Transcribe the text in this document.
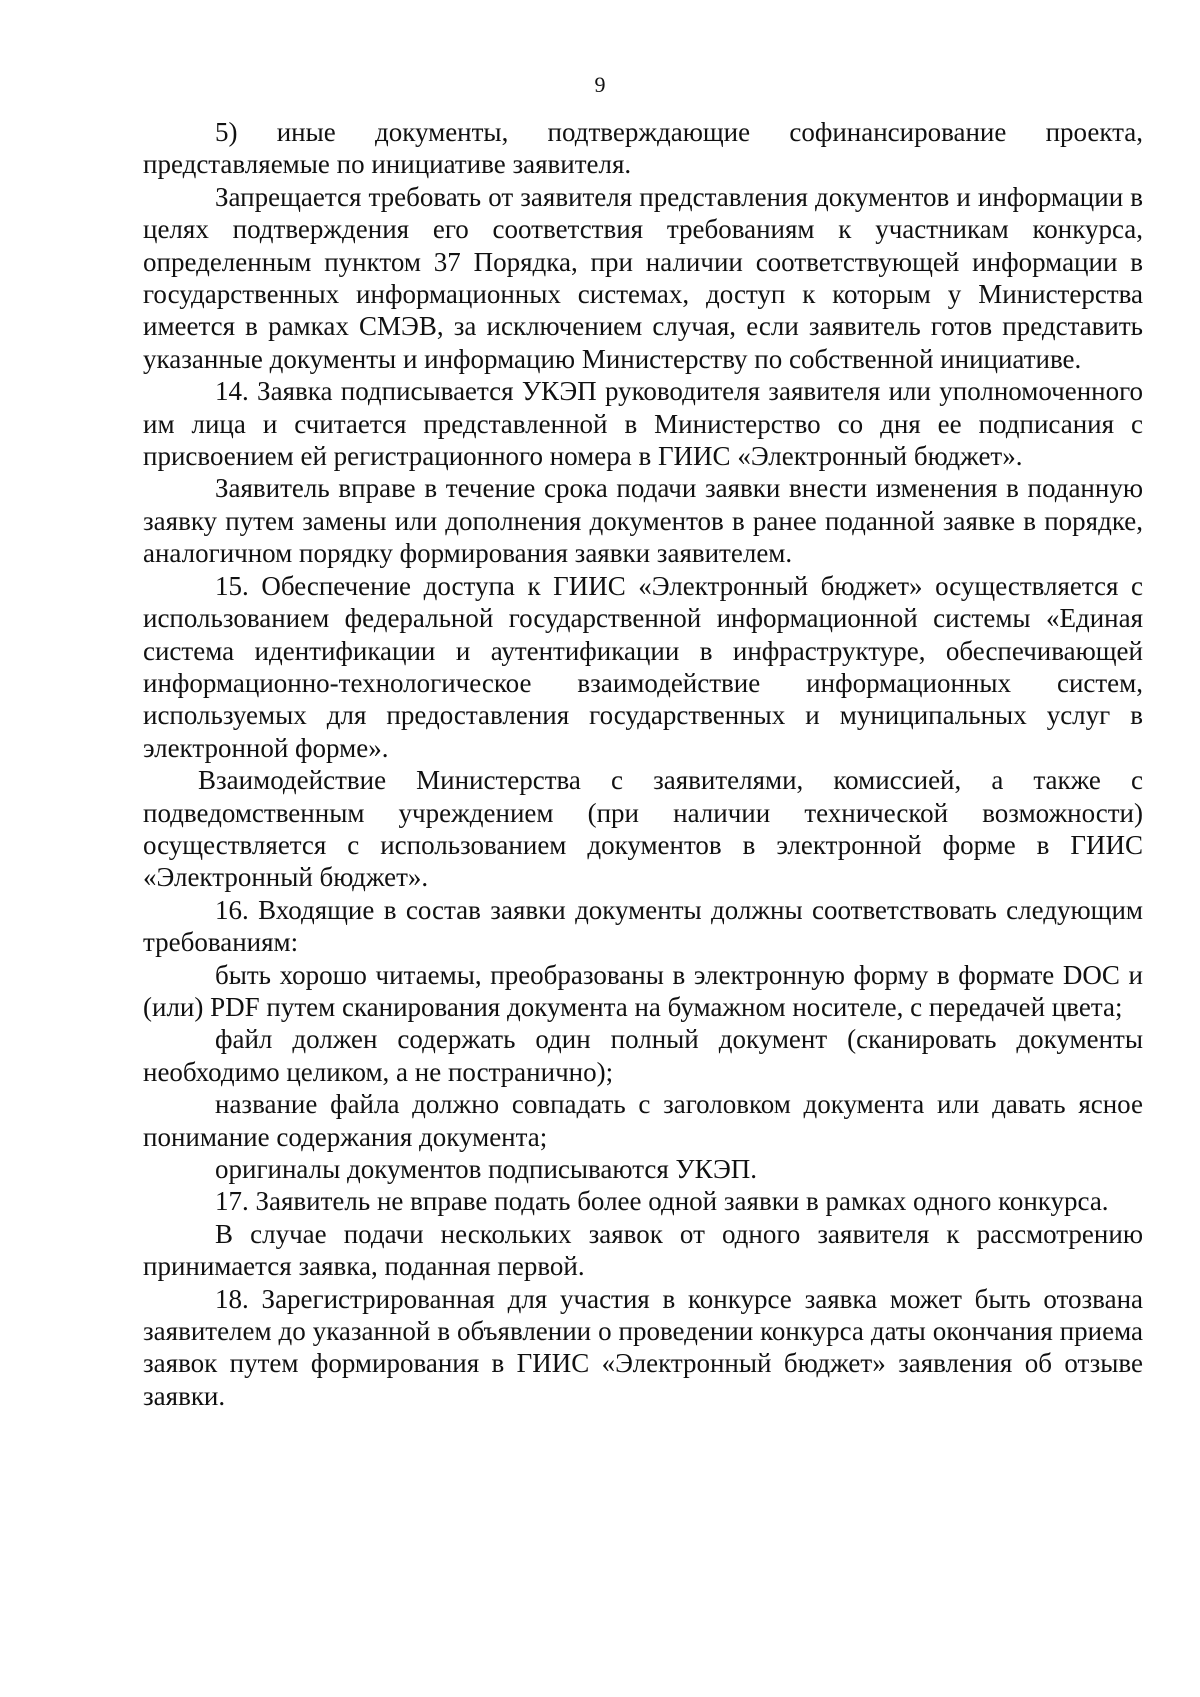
9

5) иные документы, подтверждающие софинансирование проекта, представляемые по инициативе заявителя.

Запрещается требовать от заявителя представления документов и информации в целях подтверждения его соответствия требованиям к участникам конкурса, определенным пунктом 37 Порядка, при наличии соответствующей информации в государственных информационных системах, доступ к которым у Министерства имеется в рамках СМЭВ, за исключением случая, если заявитель готов представить указанные документы и информацию Министерству по собственной инициативе.

14. Заявка подписывается УКЭП руководителя заявителя или уполномоченного им лица и считается представленной в Министерство со дня ее подписания с присвоением ей регистрационного номера в ГИИС «Электронный бюджет».

Заявитель вправе в течение срока подачи заявки внести изменения в поданную заявку путем замены или дополнения документов в ранее поданной заявке в порядке, аналогичном порядку формирования заявки заявителем.

15. Обеспечение доступа к ГИИС «Электронный бюджет» осуществляется с использованием федеральной государственной информационной системы «Единая система идентификации и аутентификации в инфраструктуре, обеспечивающей информационно-технологическое взаимодействие информационных систем, используемых для предоставления государственных и муниципальных услуг в электронной форме».

Взаимодействие Министерства с заявителями, комиссией, а также с подведомственным учреждением (при наличии технической возможности) осуществляется с использованием документов в электронной форме в ГИИС «Электронный бюджет».

16. Входящие в состав заявки документы должны соответствовать следующим требованиям:

быть хорошо читаемы, преобразованы в электронную форму в формате DOC и (или) PDF путем сканирования документа на бумажном носителе, с передачей цвета;

файл должен содержать один полный документ (сканировать документы необходимо целиком, а не постранично);

название файла должно совпадать с заголовком документа или давать ясное понимание содержания документа;

оригиналы документов подписываются УКЭП.

17. Заявитель не вправе подать более одной заявки в рамках одного конкурса.

В случае подачи нескольких заявок от одного заявителя к рассмотрению принимается заявка, поданная первой.

18. Зарегистрированная для участия в конкурсе заявка может быть отозвана заявителем до указанной в объявлении о проведении конкурса даты окончания приема заявок путем формирования в ГИИС «Электронный бюджет» заявления об отзыве заявки.
